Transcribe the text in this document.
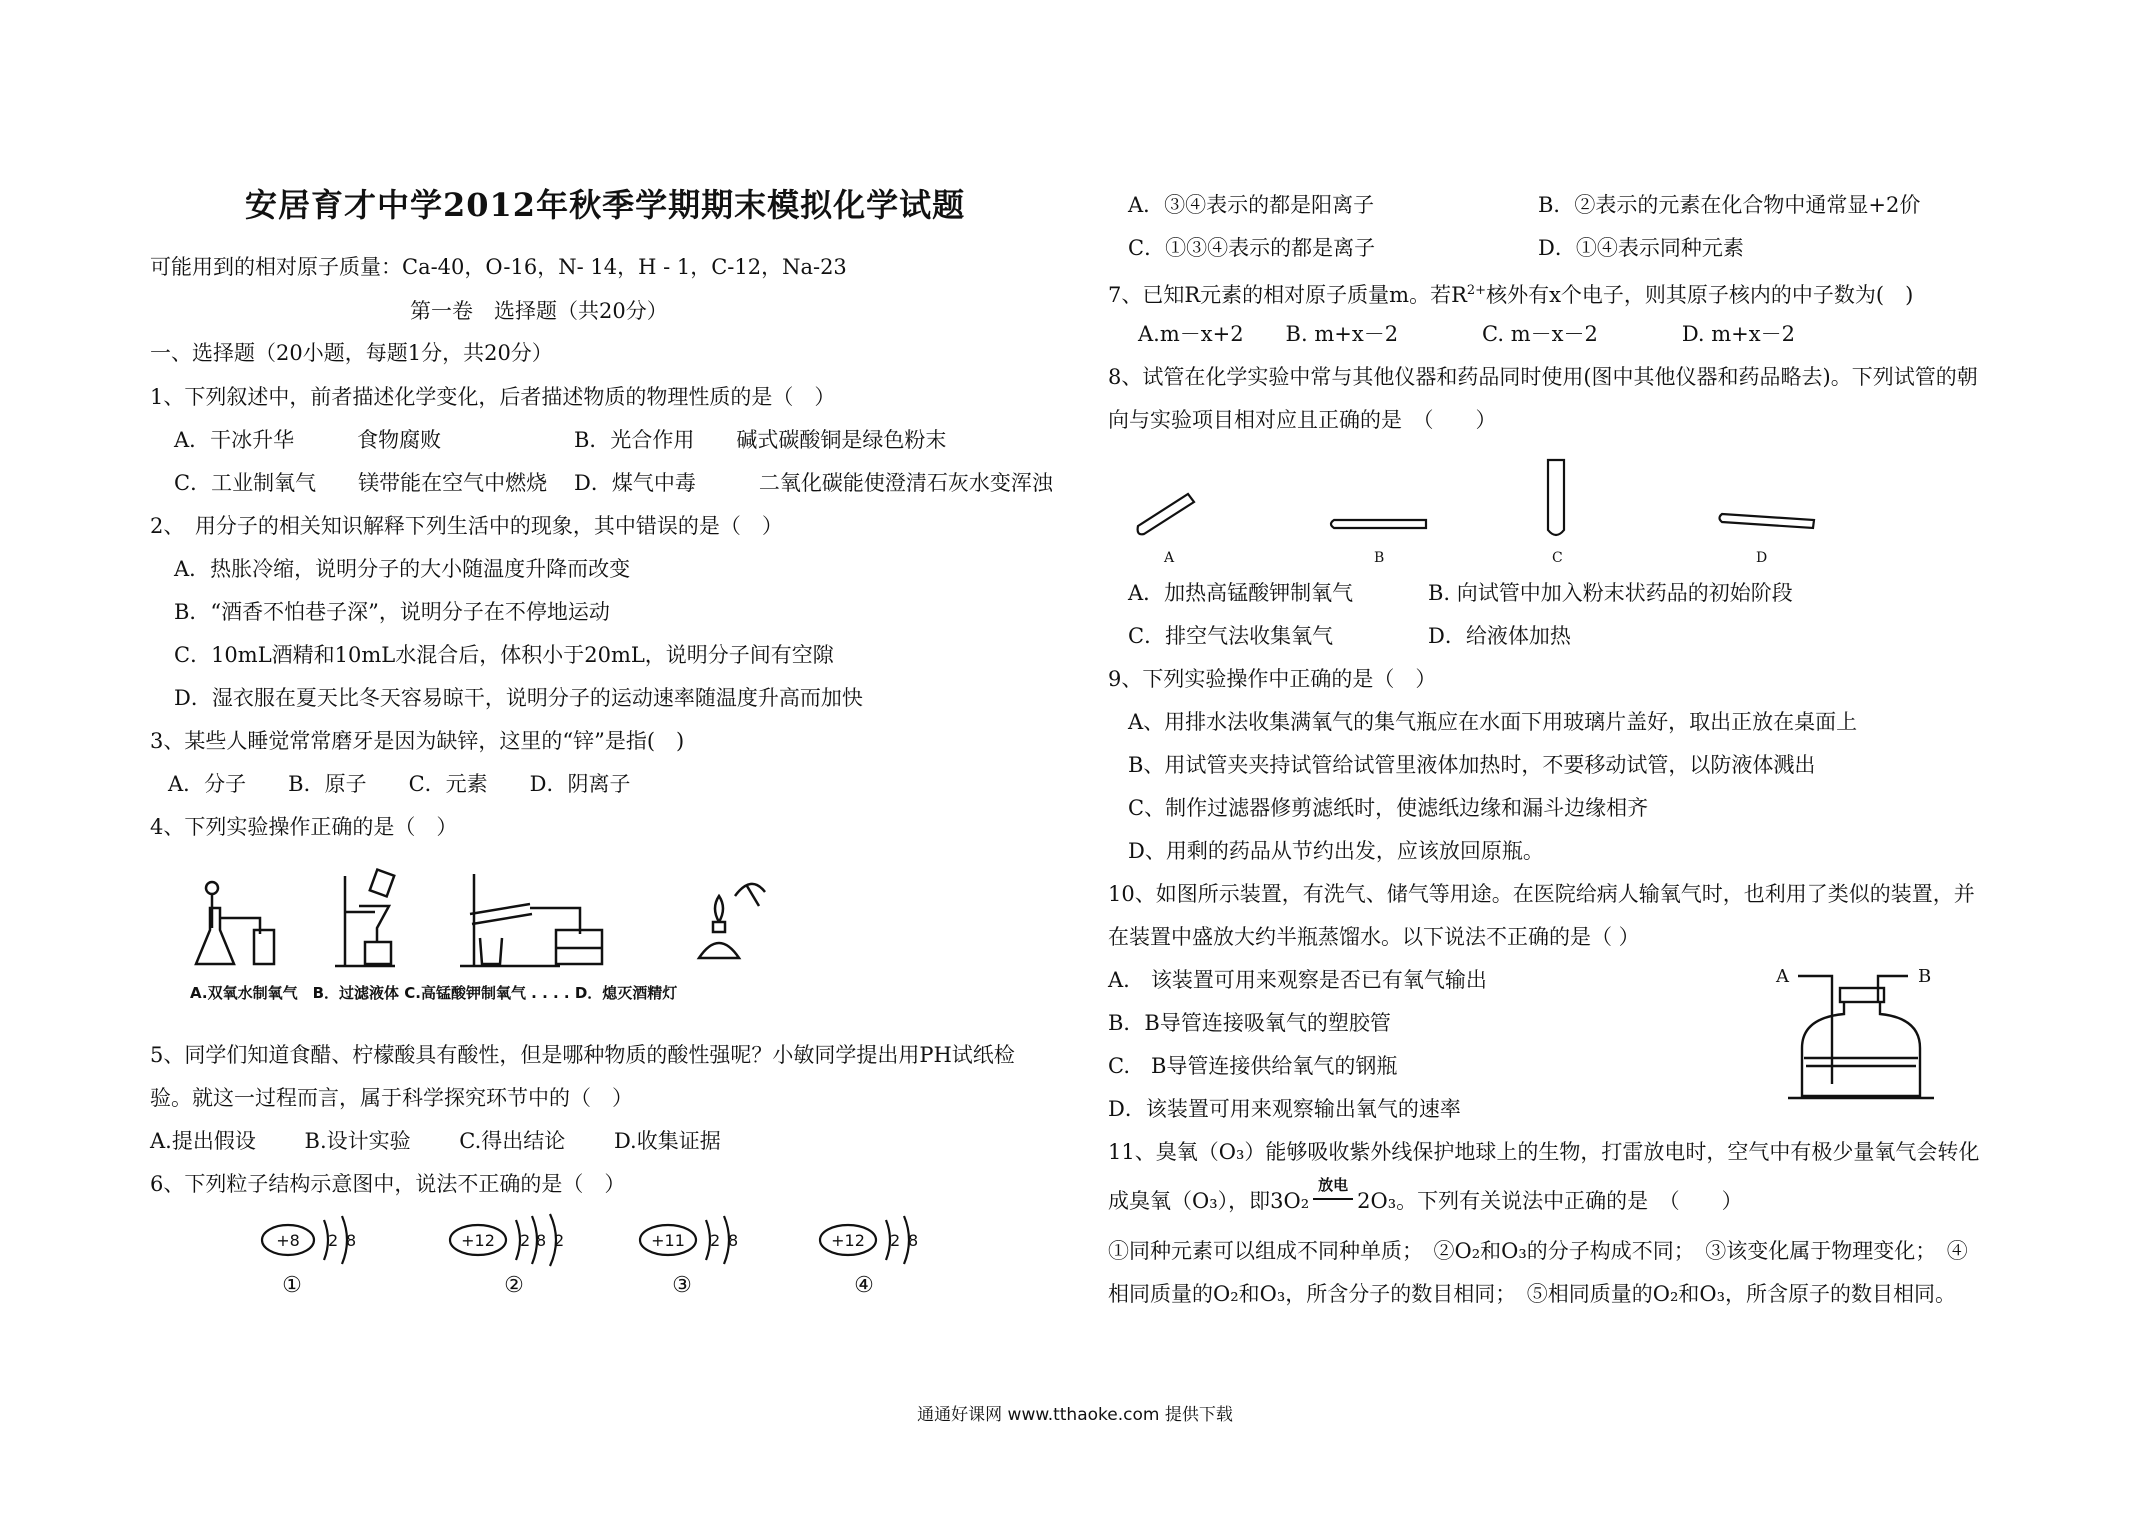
安居育才中学2012年秋季学期期末模拟化学试题
可能用到的相对原子质量：Ca-40，O-16，N- 14，H - 1，C-12，Na-23
第一卷　选择题（共20分）
一、选择题（20小题，每题1分，共20分）
1、下列叙述中，前者描述化学变化，后者描述物质的物理性质的是（　）
A．干冰升华　　　食物腐败	B．光合作用　　碱式碳酸铜是绿色粉末
C．工业制氧气　　镁带能在空气中燃烧 D．煤气中毒　　　二氧化碳能使澄清石灰水变浑浊
2、　用分子的相关知识解释下列生活中的现象，其中错误的是（　）
A．热胀冷缩，说明分子的大小随温度升降而改变
B．“酒香不怕巷子深”，说明分子在不停地运动
C．10mL酒精和10mL水混合后，体积小于20mL，说明分子间有空隙
D．湿衣服在夏天比冬天容易晾干，说明分子的运动速率随温度升高而加快
3、某些人睡觉常常磨牙是因为缺锌，这里的“锌”是指(　)
A．分子　　B．原子　　C．元素　　D．阴离子
4、下列实验操作正确的是（　）
A.双氧水制氧气　B．过滤液体 C.高锰酸钾制氧气 . . . . D．熄灭酒精灯
5、同学们知道食醋、柠檬酸具有酸性，但是哪种物质的酸性强呢？小敏同学提出用PH试纸检
验。就这一过程而言，属于科学探究环节中的（　）
A.提出假设　　 B.设计实验　　 C.得出结论　　 D.收集证据
6、下列粒子结构示意图中，说法不正确的是（　）
+8 2 8
①
+12 2 8 2
②
+11 2 8
③
+12 2 8
④
A．③④表示的都是阳离子	B．②表示的元素在化合物中通常显+2价
C．①③④表示的都是离子	D．①④表示同种元素
7、已知R元素的相对原子质量m。若$R^{2+}$核外有x个电子，则其原子核内的中子数为(　)
A.m－x+2　　B. m+x－2　　　　C. m－x－2　　　　D. m+x－2
8、试管在化学实验中常与其他仪器和药品同时使用(图中其他仪器和药品略去)。下列试管的朝
向与实验项目相对应且正确的是　（　　）
A	B	C	D
A．加热高锰酸钾制氧气	B. 向试管中加入粉末状药品的初始阶段
C．排空气法收集氧气	D．给液体加热
9、下列实验操作中正确的是（　）
A、用排水法收集满氧气的集气瓶应在水面下用玻璃片盖好，取出正放在桌面上
B、用试管夹夹持试管给试管里液体加热时，不要移动试管，以防液体溅出
C、制作过滤器修剪滤纸时，使滤纸边缘和漏斗边缘相齐
D、用剩的药品从节约出发，应该放回原瓶。
10、如图所示装置，有洗气、储气等用途。在医院给病人输氧气时，也利用了类似的装置，并
在装置中盛放大约半瓶蒸馏水。以下说法不正确的是（ ）
A.　该装置可用来观察是否已有氧气输出
B．B导管连接吸氧气的塑胶管
C.　B导管连接供给氧气的钢瓶
D．该装置可用来观察输出氧气的速率
A	B
11、臭氧（O₃）能够吸收紫外线保护地球上的生物，打雷放电时，空气中有极少量氧气会转化
成臭氧（O₃），即3O₂
放电
2O₃。下列有关说法中正确的是　（　　）
①同种元素可以组成不同种单质；　②O₂和O₃的分子构成不同；　③该变化属于物理变化；　④
相同质量的O₂和O₃，所含分子的数目相同；　⑤相同质量的O₂和O₃，所含原子的数目相同。
通通好课网 www.tthaoke.com 提供下载
